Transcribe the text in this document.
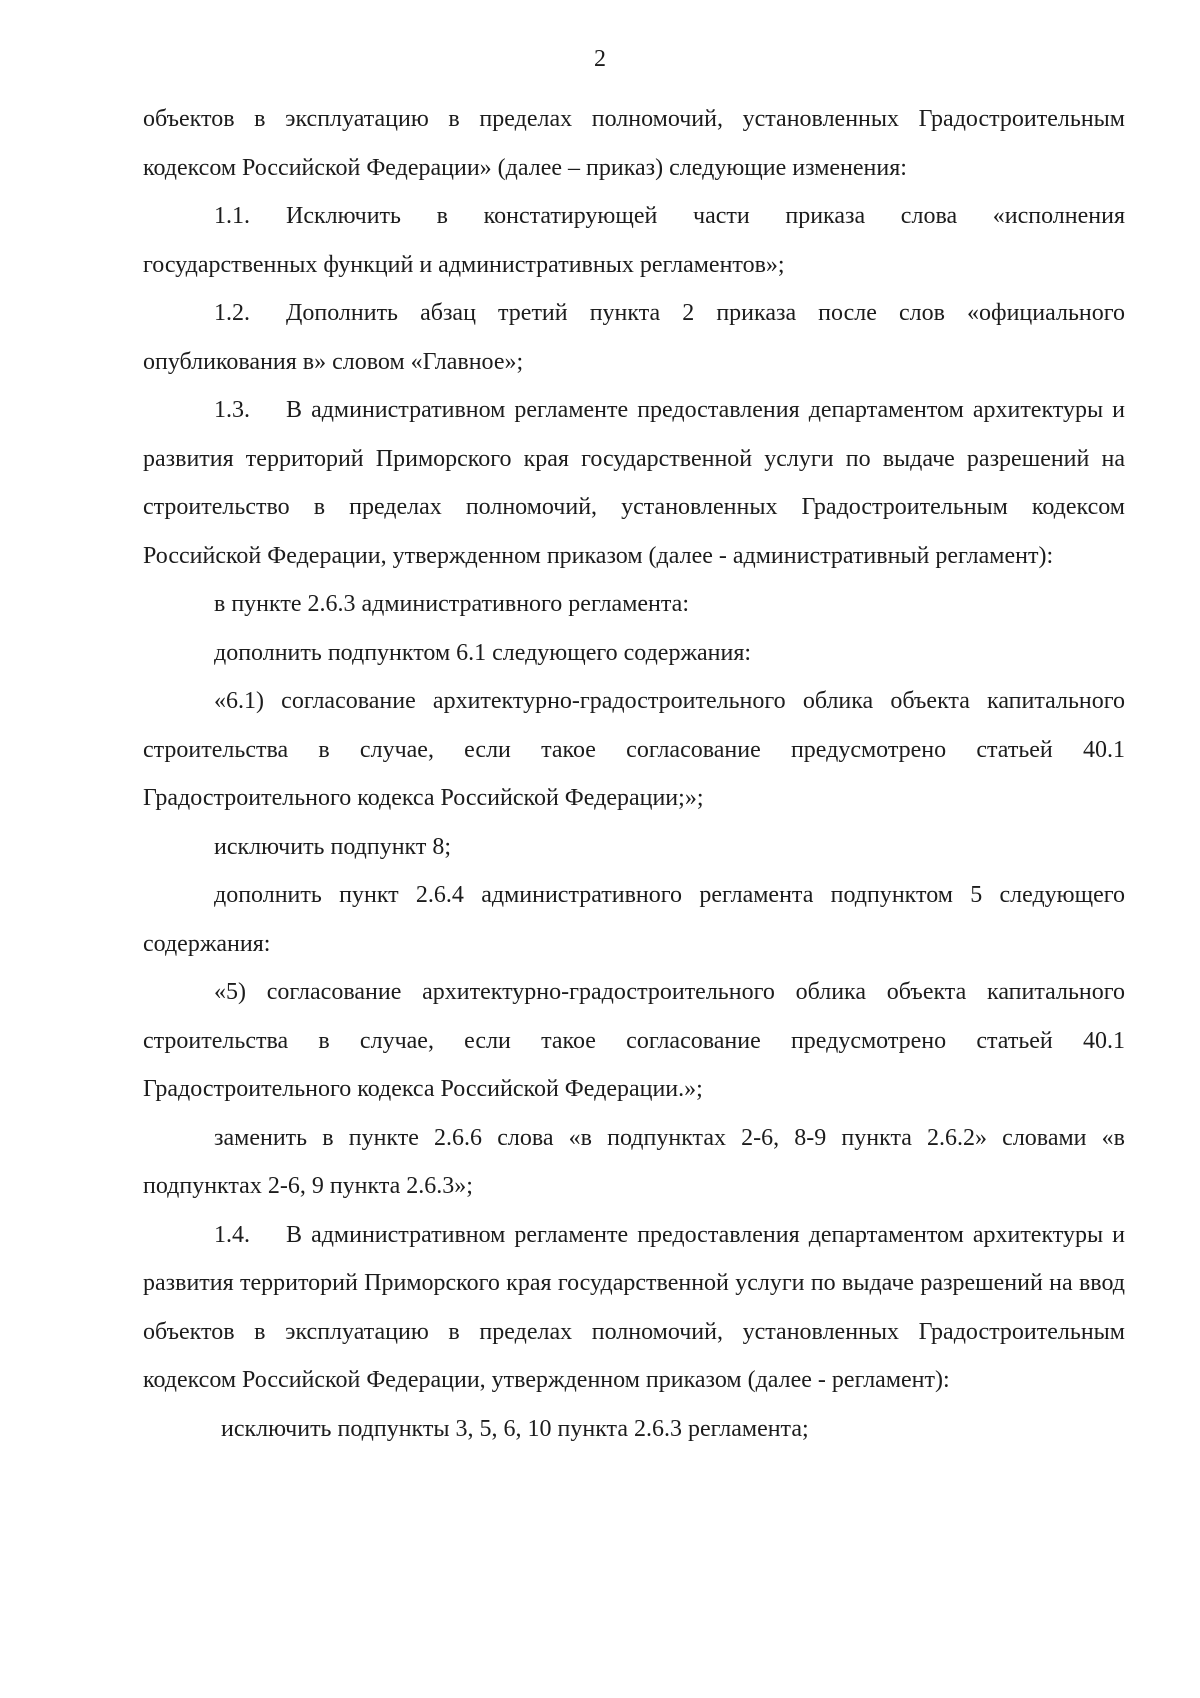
2

объектов в эксплуатацию в пределах полномочий, установленных Градостроительным кодексом Российской Федерации» (далее – приказ) следующие изменения:

1.1. Исключить в констатирующей части приказа слова «исполнения государственных функций и административных регламентов»;

1.2. Дополнить абзац третий пункта 2 приказа после слов «официального опубликования в» словом «Главное»;

1.3. В административном регламенте предоставления департаментом архитектуры и развития территорий Приморского края государственной услуги по выдаче разрешений на строительство в пределах полномочий, установленных Градостроительным кодексом Российской Федерации, утвержденном приказом (далее - административный регламент):

в пункте 2.6.3 административного регламента:

дополнить подпунктом 6.1 следующего содержания:

«6.1) согласование архитектурно-градостроительного облика объекта капитального строительства в случае, если такое согласование предусмотрено статьей 40.1 Градостроительного кодекса Российской Федерации;»;

исключить подпункт 8;

дополнить пункт 2.6.4 административного регламента подпунктом 5 следующего содержания:

«5) согласование архитектурно-градостроительного облика объекта капитального строительства в случае, если такое согласование предусмотрено статьей 40.1 Градостроительного кодекса Российской Федерации.»;

заменить в пункте 2.6.6 слова «в подпунктах 2-6, 8-9 пункта 2.6.2» словами «в подпунктах 2-6, 9 пункта 2.6.3»;

1.4. В административном регламенте предоставления департаментом архитектуры и развития территорий Приморского края государственной услуги по выдаче разрешений на ввод объектов в эксплуатацию в пределах полномочий, установленных Градостроительным кодексом Российской Федерации, утвержденном приказом (далее - регламент):

исключить подпункты 3, 5, 6, 10 пункта 2.6.3 регламента;
